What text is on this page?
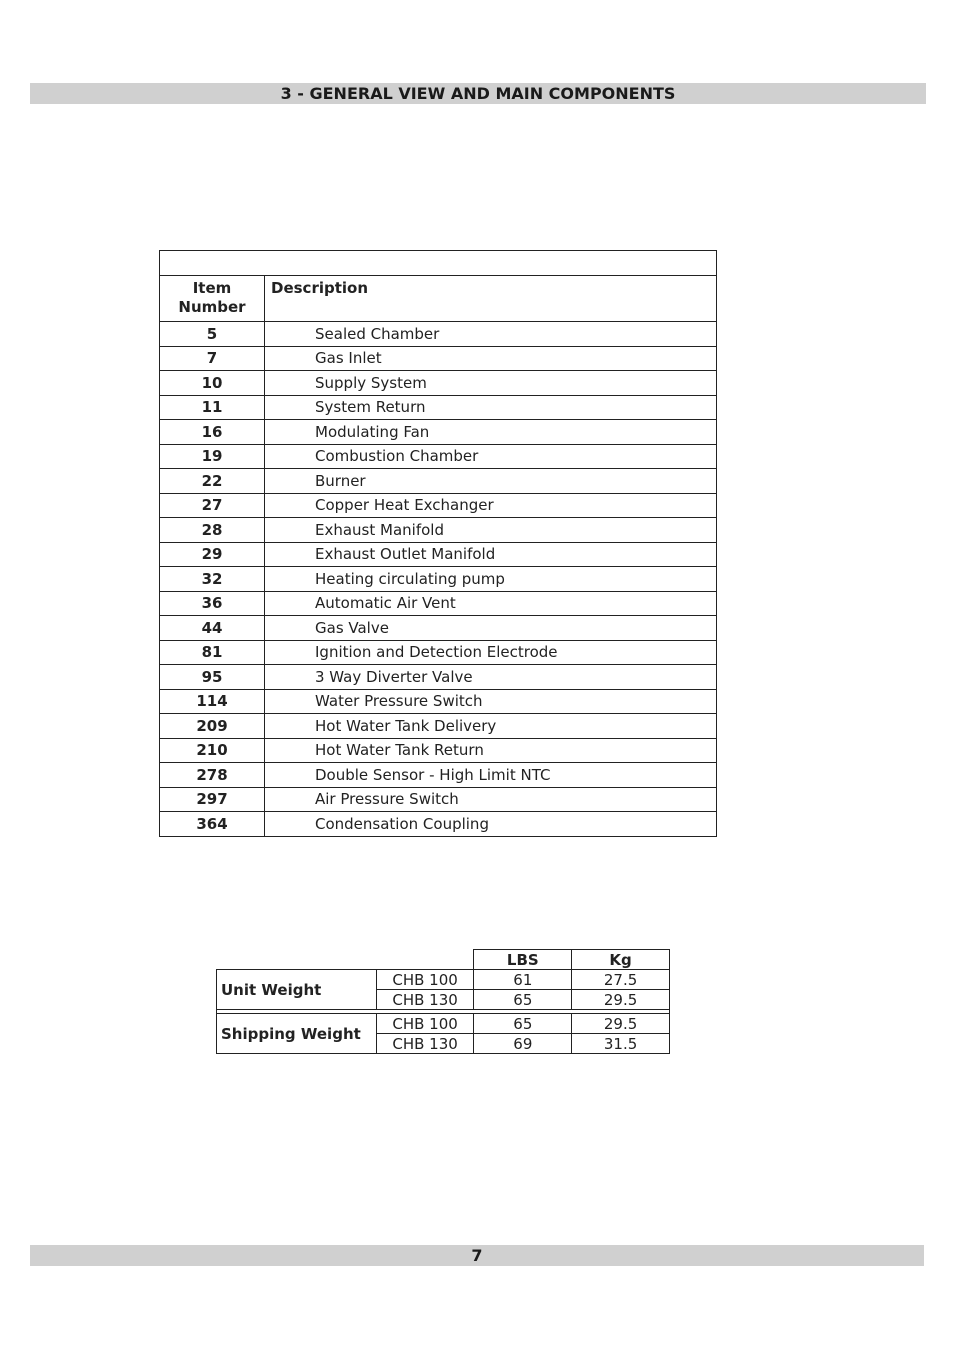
3 - GENERAL VIEW AND MAIN COMPONENTS

Item
Number	Description
5	Sealed Chamber
7	Gas Inlet
10	Supply System
11	System Return
16	Modulating Fan
19	Combustion Chamber
22	Burner
27	Copper Heat Exchanger
28	Exhaust Manifold
29	Exhaust Outlet Manifold
32	Heating circulating pump
36	Automatic Air Vent
44	Gas Valve
81	Ignition and Detection Electrode
95	3 Way Diverter Valve
114	Water Pressure Switch
209	Hot Water Tank Delivery
210	Hot Water Tank Return
278	Double Sensor - High Limit NTC
297	Air Pressure Switch
364	Condensation Coupling
		LBS	Kg
Unit Weight	CHB 100	61	27.5
	CHB 130	65	29.5

Shipping Weight	CHB 100	65	29.5
	CHB 130	69	31.5
7
